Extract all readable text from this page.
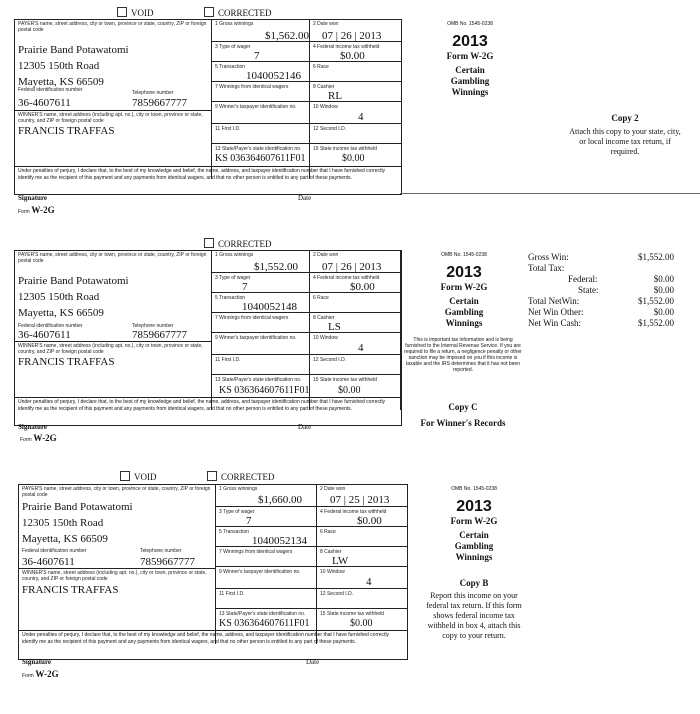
VOID	CORRECTED
PAYER'S name, street address, city or town, province or state, country, ZIP or foreign postal code
Prairie Band Potawatomi
12305 150th Road
Mayetta, KS 66509
Federal identification number	Telephone number
36-4607611	7859667777
WINNER'S name, street address (including apt. no.), city or town, province or state, country, and ZIP or foreign postal code
FRANCIS TRAFFAS
1 Gross winnings
$1,562.00
2 Date won
07 | 26 | 2013
3 Type of wager
7
4 Federal income tax withheld
$0.00
5 Transaction
1040052146
6 Race
7 Winnings from identical wagers	8 Cashier
RL
9 Winner's taxpayer identification no.	10 Window
4
11 First I.D.	12 Second I.D.
13 State/Payer's state identification no.
KS 036364607611F01
15 State income tax withheld
$0.00
Under penalties of perjury, I declare that, to the best of my knowledge and belief, the name, address, and taxpayer identification number that I have furnished correctly identify me as the recipient of this payment and any payments from identical wagers, and that no other person is entitled to any part of these payments.
Signature	Date
Form W-2G
OMB No. 1545-0238
2013
Form W-2G
Certain
Gambling
Winnings
Copy 2
Attach this copy to your state, city, or local income tax return, if required.
CORRECTED
PAYER'S name, street address, city or town, province or state, country, ZIP or foreign postal code
Prairie Band Potawatomi
12305 150th Road
Mayetta, KS 66509
Federal identification number	Telephone number
36-4607611	7859667777
WINNER'S name, street address (including apt. no.), city or town, province or state, country, and ZIP or foreign postal code
FRANCIS TRAFFAS
1 Gross winnings
$1,552.00
2 Date won
07 | 26 | 2013
3 Type of wager
7
4 Federal income tax withheld
$0.00
5 Transaction
1040052148
6 Race
7 Winnings from identical wagers	8 Cashier
LS
9 Winner's taxpayer identification no.	10 Window
4
11 First I.D.	12 Second I.D.
13 State/Payer's state identification no.
KS 036364607611F01
15 State income tax withheld
$0.00
Under penalties of perjury, I declare that, to the best of my knowledge and belief, the name, address, and taxpayer identification number that I have furnished correctly identify me as the recipient of this payment and any payments from identical wagers, and that no other person is entitled to any part of these payments.
Signature	Date
Form W-2G
OMB No. 1545-0238
2013
Form W-2G
Certain
Gambling
Winnings
This is important tax information and is being furnished to the Internal Revenue Service. If you are required to file a return, a negligence penalty or other sanction may be imposed on you if this income is taxable and the IRS determines that it has not been reported.
Copy C
For Winner's Records
Gross Win:	$1,552.00
Total Tax:
Federal:	$0.00
State:	$0.00
Total NetWin:	$1,552.00
Net Win Other:	$0.00
Net Win Cash:	$1,552.00
VOID	CORRECTED
PAYER'S name, street address, city or town, province or state, country, ZIP or foreign postal code
Prairie Band Potawatomi
12305 150th Road
Mayetta, KS 66509
Federal identification number	Telephone number
36-4607611	7859667777
WINNER'S name, street address (including apt. no.), city or town, province or state, country, and ZIP or foreign postal code
FRANCIS TRAFFAS
1 Gross winnings
$1,660.00
2 Date won
07 | 25 | 2013
3 Type of wager
7
4 Federal income tax withheld
$0.00
5 Transaction
1040052134
6 Race
7 Winnings from identical wagers	8 Cashier
LW
9 Winner's taxpayer identification no.	10 Window
4
11 First I.D.	12 Second I.D.
13 State/Payer's state identification no.
KS 036364607611F01
15 State income tax withheld
$0.00
Under penalties of perjury, I declare that, to the best of my knowledge and belief, the name, address, and taxpayer identification number that I have furnished correctly identify me as the recipient of this payment and any payments from identical wagers, and that no other person is entitled to any part of these payments.
Signature	Date
Form W-2G
OMB No. 1545-0238
2013
Form W-2G
Certain
Gambling
Winnings
Copy B
Report this income on your federal tax return. If this form shows federal income tax withheld in box 4, attach this copy to your return.
